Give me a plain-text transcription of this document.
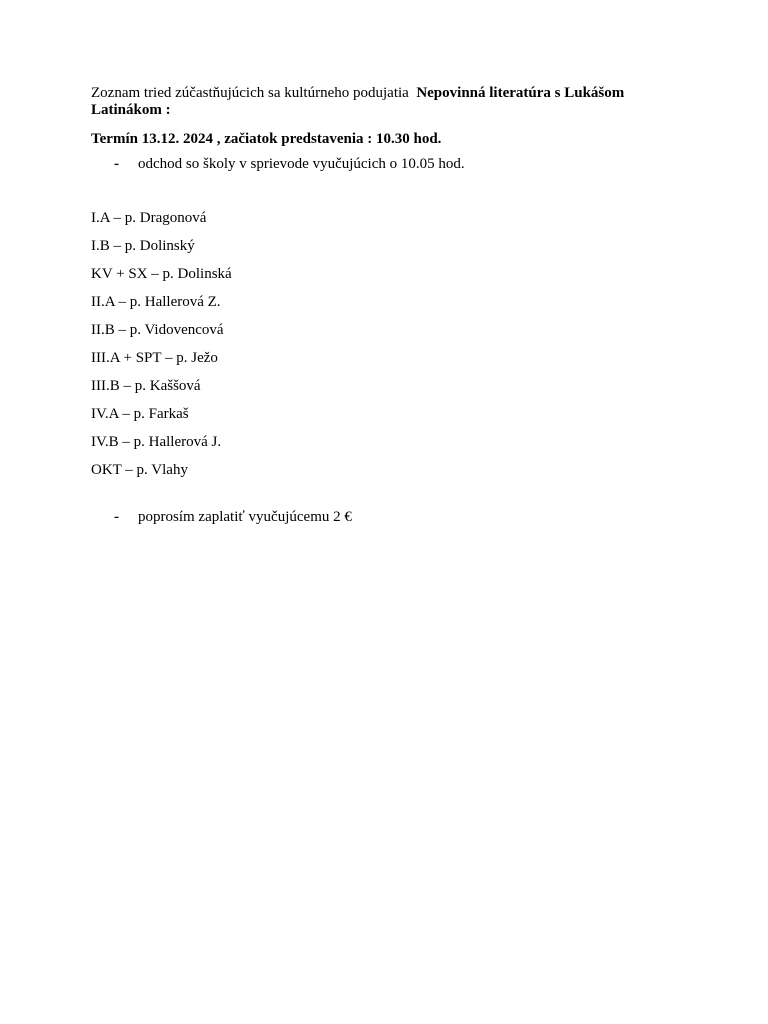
Zoznam tried zúčastňujúcich sa kultúrneho podujatia Nepovinná literatúra s Lukášom
Latinákom :

Termín 13.12. 2024 , začiatok predstavenia : 10.30 hod.

- odchod so školy v sprievode vyučujúcich o 10.05 hod.
I.A – p. Dragonová
I.B – p. Dolinský
KV + SX – p. Dolinská
II.A – p. Hallerová Z.
II.B – p. Vidovencová
III.A + SPT – p. Ježo
III.B – p. Kaššová
IV.A – p. Farkaš
IV.B – p. Hallerová J.
OKT – p. Vlahy
- poprosím zaplatiť vyučujúcemu 2 €
